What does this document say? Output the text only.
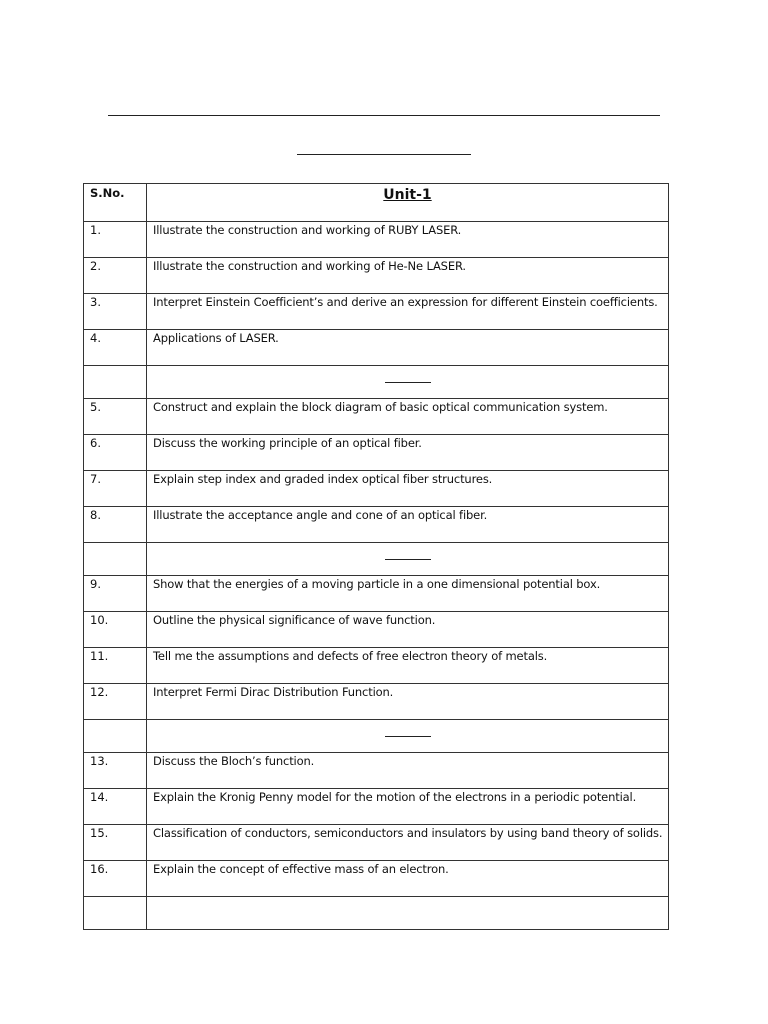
S.No.	Unit-1
1.	Illustrate the construction and working of RUBY LASER.
2.	Illustrate the construction and working of He-Ne LASER.
3.	Interpret Einstein Coefficient’s and derive an expression for different Einstein coefficients.
4.	Applications of LASER.

5.	Construct and explain the block diagram of basic optical communication system.
6.	Discuss the working principle of an optical fiber.
7.	Explain step index and graded index optical fiber structures.
8.	Illustrate the acceptance angle and cone of an optical fiber.

9.	Show that the energies of a moving particle in a one dimensional potential box.
10.	Outline the physical significance of wave function.
11.	Tell me the assumptions and defects of free electron theory of metals.
12.	Interpret Fermi Dirac Distribution Function.

13.	Discuss the Bloch’s function.
14.	Explain the Kronig Penny model for the motion of the electrons in a periodic potential.
15.	Classification of conductors, semiconductors and insulators by using band theory of solids.
16.	Explain the concept of effective mass of an electron.
